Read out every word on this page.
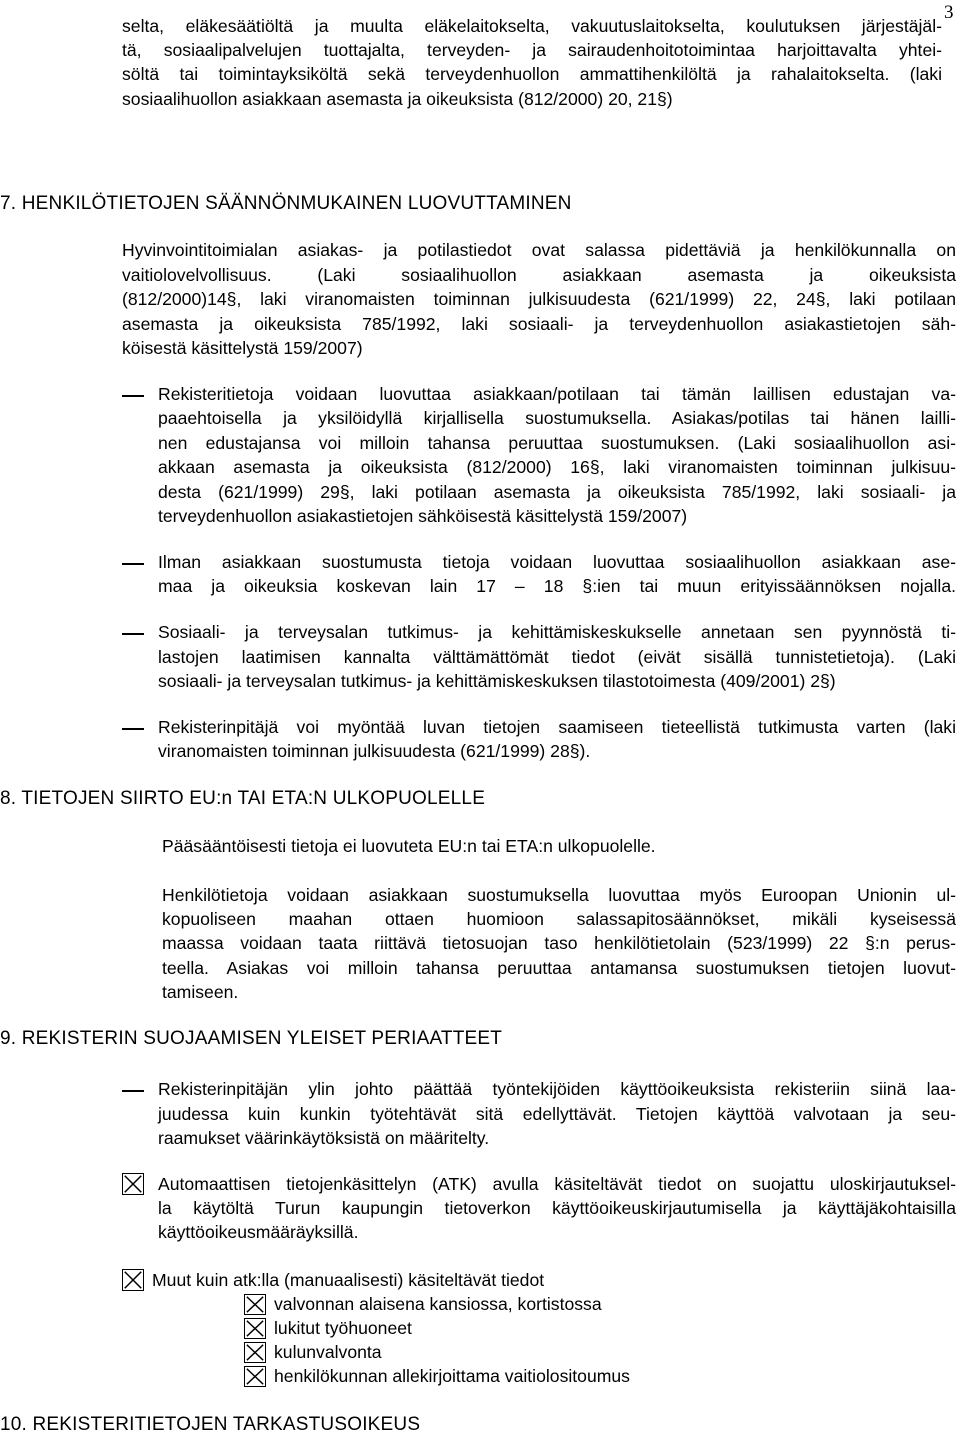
3
selta, eläkesäätiöltä ja muulta eläkelaitokselta, vakuutuslaitokselta, koulutuksen järjestäjäl-
tä, sosiaalipalvelujen tuottajalta, terveyden- ja sairaudenhoitotoimintaa harjoittavalta yhtei-
söltä tai toimintayksiköltä sekä terveydenhuollon ammattihenkilöltä ja rahalaitokselta. (laki
sosiaalihuollon asiakkaan asemasta ja oikeuksista (812/2000) 20, 21§)
7. HENKILÖTIETOJEN SÄÄNNÖNMUKAINEN LUOVUTTAMINEN
Hyvinvointitoimialan asiakas- ja potilastiedot ovat salassa pidettäviä ja henkilökunnalla on
vaitiolovelvollisuus. (Laki sosiaalihuollon asiakkaan asemasta ja oikeuksista
(812/2000)14§, laki viranomaisten toiminnan julkisuudesta (621/1999) 22, 24§, laki potilaan
asemasta ja oikeuksista 785/1992, laki sosiaali- ja terveydenhuollon asiakastietojen säh-
köisestä käsittelystä 159/2007)
Rekisteritietoja voidaan luovuttaa asiakkaan/potilaan tai tämän laillisen edustajan va-
paaehtoisella ja yksilöidyllä kirjallisella suostumuksella. Asiakas/potilas tai hänen lailli-
nen edustajansa voi milloin tahansa peruuttaa suostumuksen. (Laki sosiaalihuollon asi-
akkaan asemasta ja oikeuksista (812/2000) 16§, laki viranomaisten toiminnan julkisuu-
desta (621/1999) 29§, laki potilaan asemasta ja oikeuksista 785/1992, laki sosiaali- ja
terveydenhuollon asiakastietojen sähköisestä käsittelystä 159/2007)
Ilman asiakkaan suostumusta tietoja voidaan luovuttaa sosiaalihuollon asiakkaan ase-
maa ja oikeuksia koskevan lain 17 – 18 §:ien tai muun erityissäännöksen nojalla.
Sosiaali- ja terveysalan tutkimus- ja kehittämiskeskukselle annetaan sen pyynnöstä ti-
lastojen laatimisen kannalta välttämättömät tiedot (eivät sisällä tunnistetietoja). (Laki
sosiaali- ja terveysalan tutkimus- ja kehittämiskeskuksen tilastotoimesta (409/2001) 2§)
Rekisterinpitäjä voi myöntää luvan tietojen saamiseen tieteellistä tutkimusta varten (laki
viranomaisten toiminnan julkisuudesta (621/1999) 28§).
8. TIETOJEN SIIRTO EU:n TAI ETA:N ULKOPUOLELLE
Pääsääntöisesti tietoja ei luovuteta EU:n tai ETA:n ulkopuolelle.
Henkilötietoja voidaan asiakkaan suostumuksella luovuttaa myös Euroopan Unionin ul-
kopuoliseen maahan ottaen huomioon salassapitosäännökset, mikäli kyseisessä
maassa voidaan taata riittävä tietosuojan taso henkilötietolain (523/1999) 22 §:n perus-
teella. Asiakas voi milloin tahansa peruuttaa antamansa suostumuksen tietojen luovut-
tamiseen.
9. REKISTERIN SUOJAAMISEN YLEISET PERIAATTEET
Rekisterinpitäjän ylin johto päättää työntekijöiden käyttöoikeuksista rekisteriin siinä laa-
juudessa kuin kunkin työtehtävät sitä edellyttävät. Tietojen käyttöä valvotaan ja seu-
raamukset väärinkäytöksistä on määritelty.
Automaattisen tietojenkäsittelyn (ATK) avulla käsiteltävät tiedot on suojattu uloskirjautuksel-
la käytöltä Turun kaupungin tietoverkon käyttöoikeuskirjautumisella ja käyttäjäkohtaisilla
käyttöoikeusmääräyksillä.
Muut kuin atk:lla (manuaalisesti) käsiteltävät tiedot
valvonnan alaisena kansiossa, kortistossa
lukitut työhuoneet
kulunvalvonta
henkilökunnan allekirjoittama vaitiolositoumus
10. REKISTERITIETOJEN TARKASTUSOIKEUS
